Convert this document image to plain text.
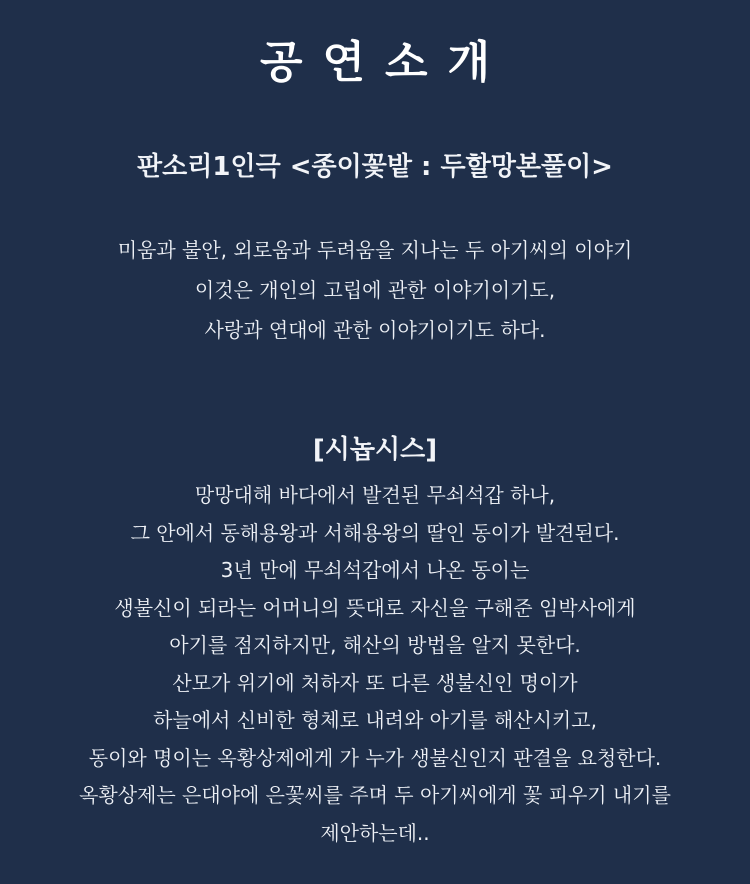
공연소개
판소리1인극 <종이꽃밭 : 두할망본풀이>
미움과 불안, 외로움과 두려움을 지나는 두 아기씨의 이야기
이것은 개인의 고립에 관한 이야기이기도,
사랑과 연대에 관한 이야기이기도 하다.
[시놉시스]
망망대해 바다에서 발견된 무쇠석갑 하나,
그 안에서 동해용왕과 서해용왕의 딸인 동이가 발견된다.
3년 만에 무쇠석갑에서 나온 동이는
생불신이 되라는 어머니의 뜻대로 자신을 구해준 임박사에게
아기를 점지하지만, 해산의 방법을 알지 못한다.
산모가 위기에 처하자 또 다른 생불신인 명이가
하늘에서 신비한 형체로 내려와 아기를 해산시키고,
동이와 명이는 옥황상제에게 가 누가 생불신인지 판결을 요청한다.
옥황상제는 은대야에 은꽃씨를 주며 두 아기씨에게 꽃 피우기 내기를
제안하는데..
